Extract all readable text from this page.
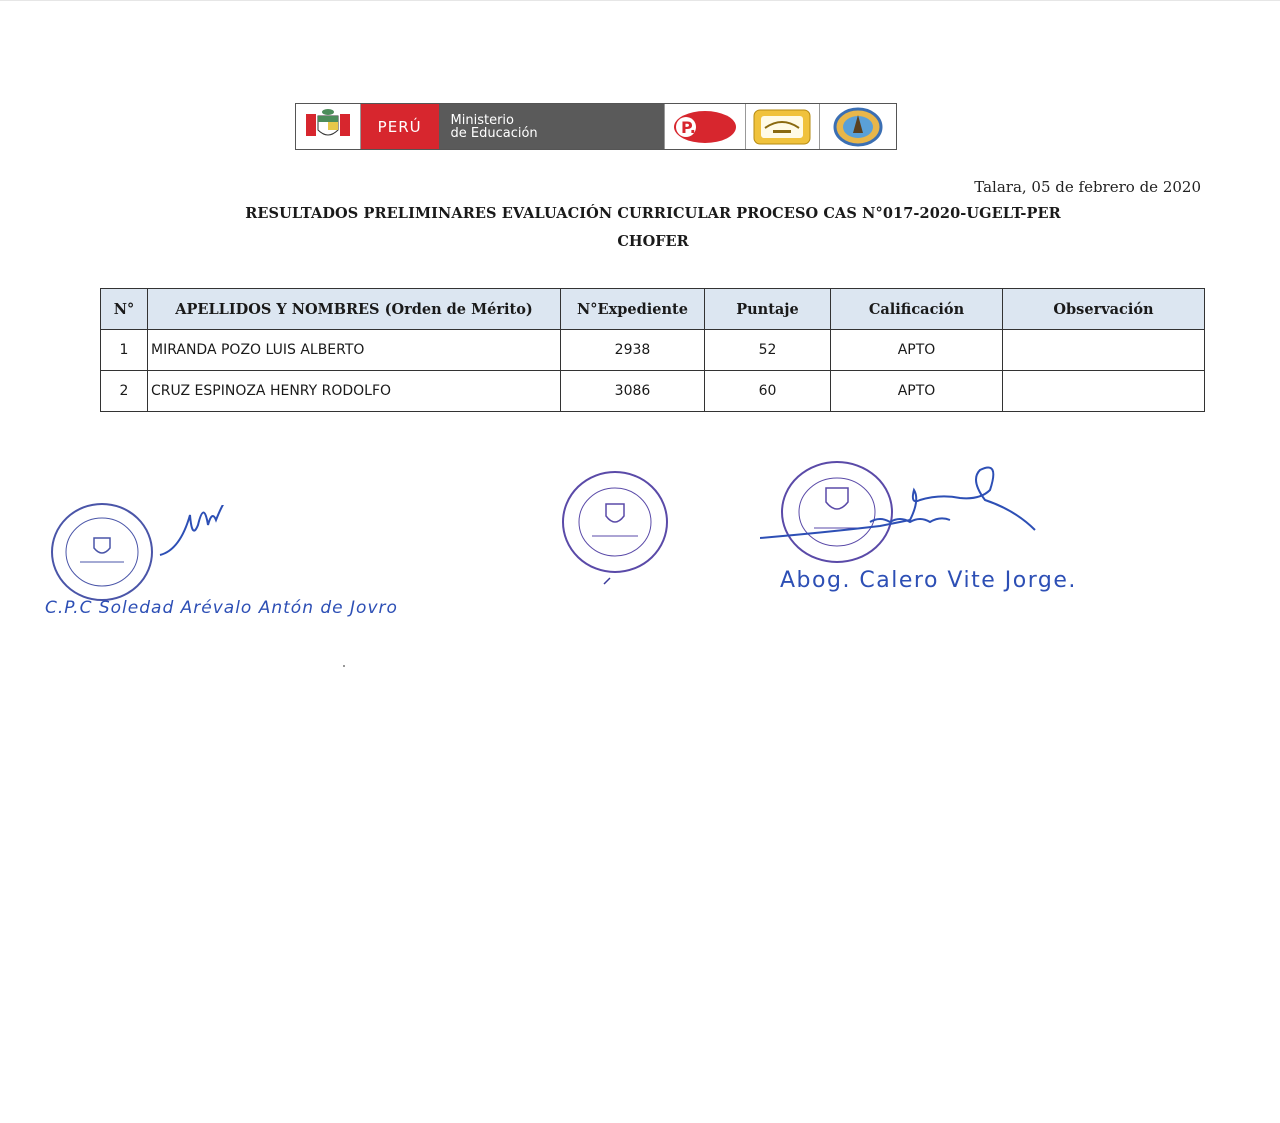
PERÚ	Ministerio
de Educación	P.
Talara, 05 de febrero de 2020
RESULTADOS PRELIMINARES EVALUACIÓN CURRICULAR PROCESO CAS N°017-2020-UGELT-PER
CHOFER
N°	APELLIDOS Y NOMBRES (Orden de Mérito)	N°Expediente	Puntaje	Calificación	Observación
1	MIRANDA POZO LUIS ALBERTO	2938	52	APTO	
2	CRUZ ESPINOZA HENRY RODOLFO	3086	60	APTO	
C.P.C Soledad Arévalo Antón de Jovro
Abog. Calero Vite Jorge.
